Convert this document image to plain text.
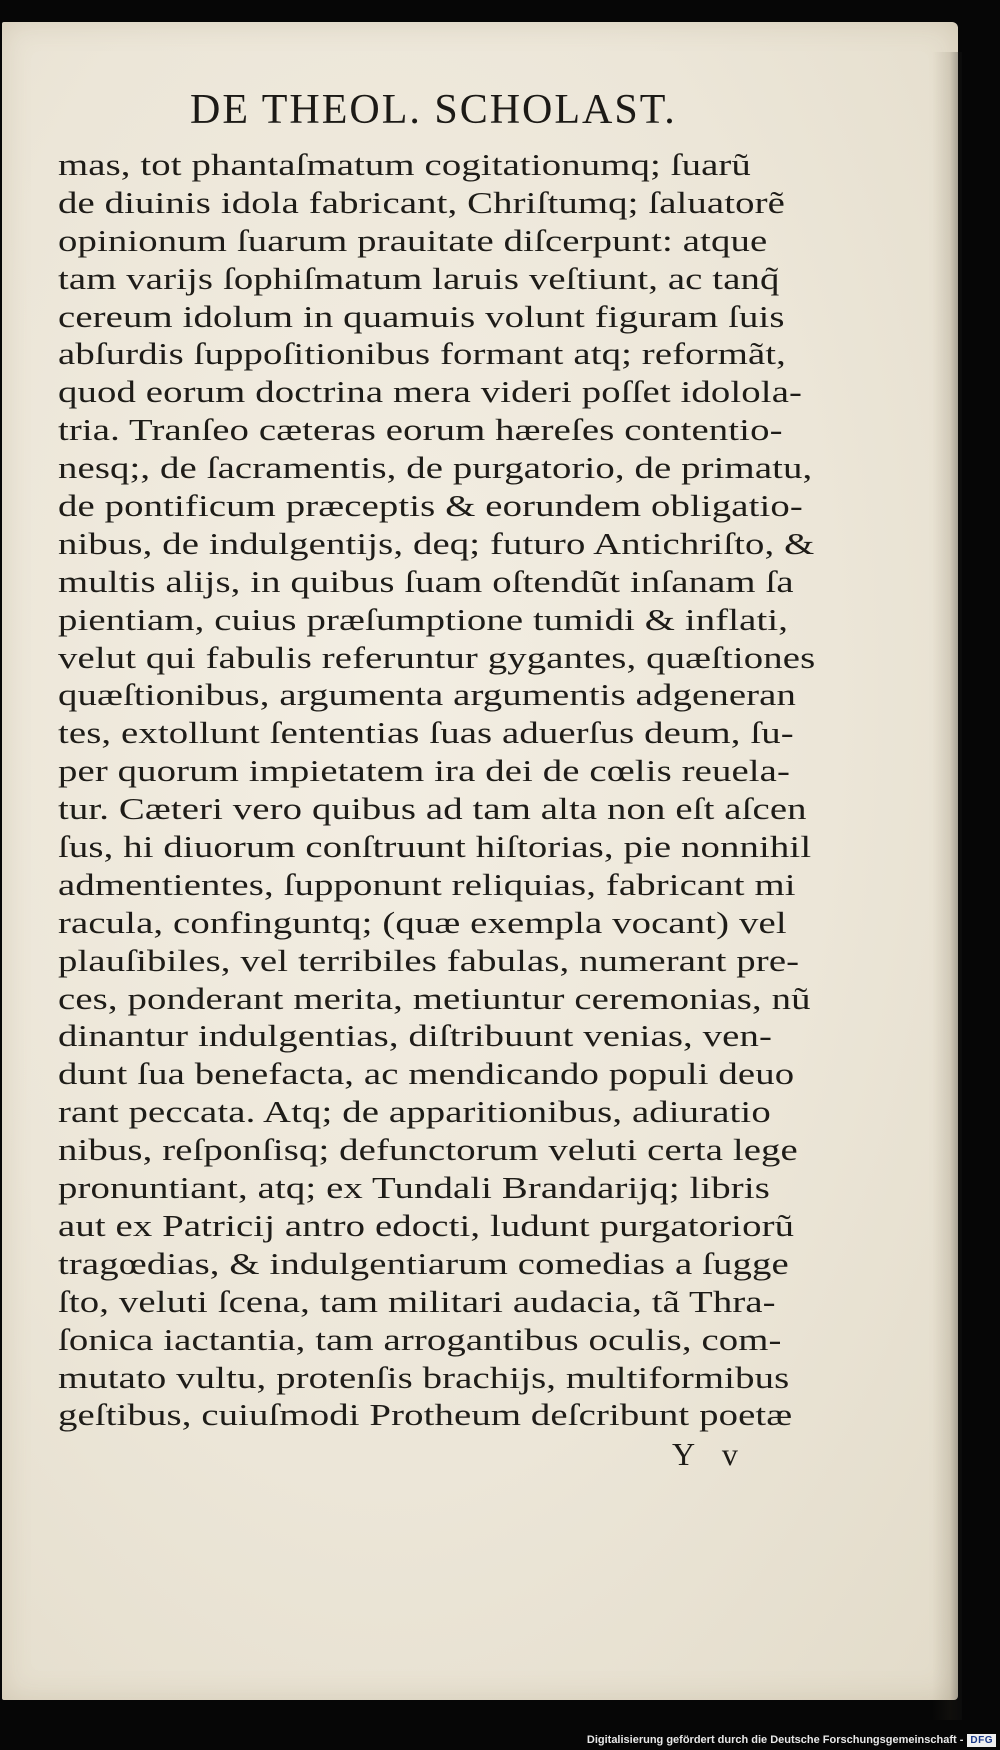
DE THEOL. SCHOLAST.
mas, tot phantaſmatum cogitationumq; ſuarũ
de diuinis idola fabricant, Chriſtumq; ſaluatorẽ
opinionum ſuarum prauitate diſcerpunt: atque
tam varijs ſophiſmatum laruis veſtiunt, ac tanq̃
cereum idolum in quamuis volunt figuram ſuis
abſurdis ſuppoſitionibus formant atq; reformãt,
quod eorum doctrina mera videri poſſet idolola-
tria. Tranſeo cæteras eorum hæreſes contentio-
nesq;, de ſacramentis, de purgatorio, de primatu,
de pontificum præceptis & eorundem obligatio-
nibus, de indulgentijs, deq; futuro Antichriſto, &
multis alijs, in quibus ſuam oſtendũt inſanam ſa
pientiam, cuius præſumptione tumidi & inflati,
velut qui fabulis referuntur gygantes, quæſtiones
quæſtionibus, argumenta argumentis adgeneran
tes, extollunt ſententias ſuas aduerſus deum, ſu-
per quorum impietatem ira dei de cœlis reuela-
tur. Cæteri vero quibus ad tam alta non eſt aſcen
ſus, hi diuorum conſtruunt hiſtorias, pie nonnihil
admentientes, ſupponunt reliquias, fabricant mi
racula, confinguntq; (quæ exempla vocant) vel
plauſibiles, vel terribiles fabulas, numerant pre-
ces, ponderant merita, metiuntur ceremonias, nũ
dinantur indulgentias, diſtribuunt venias, ven-
dunt ſua benefacta, ac mendicando populi deuo
rant peccata. Atq; de apparitionibus, adiuratio
nibus, reſponſisq; defunctorum veluti certa lege
pronuntiant, atq; ex Tundali Brandarijq; libris
aut ex Patricij antro edocti, ludunt purgatoriorũ
tragœdias, & indulgentiarum comedias a ſugge
ſto, veluti ſcena, tam militari audacia, tã Thra-
ſonica iactantia, tam arrogantibus oculis, com-
mutato vultu, protenſis brachijs, multiformibus
geſtibus, cuiuſmodi Protheum deſcribunt poetæ
Y v
Digitalisierung gefördert durch die Deutsche Forschungsgemeinschaft - DFG
